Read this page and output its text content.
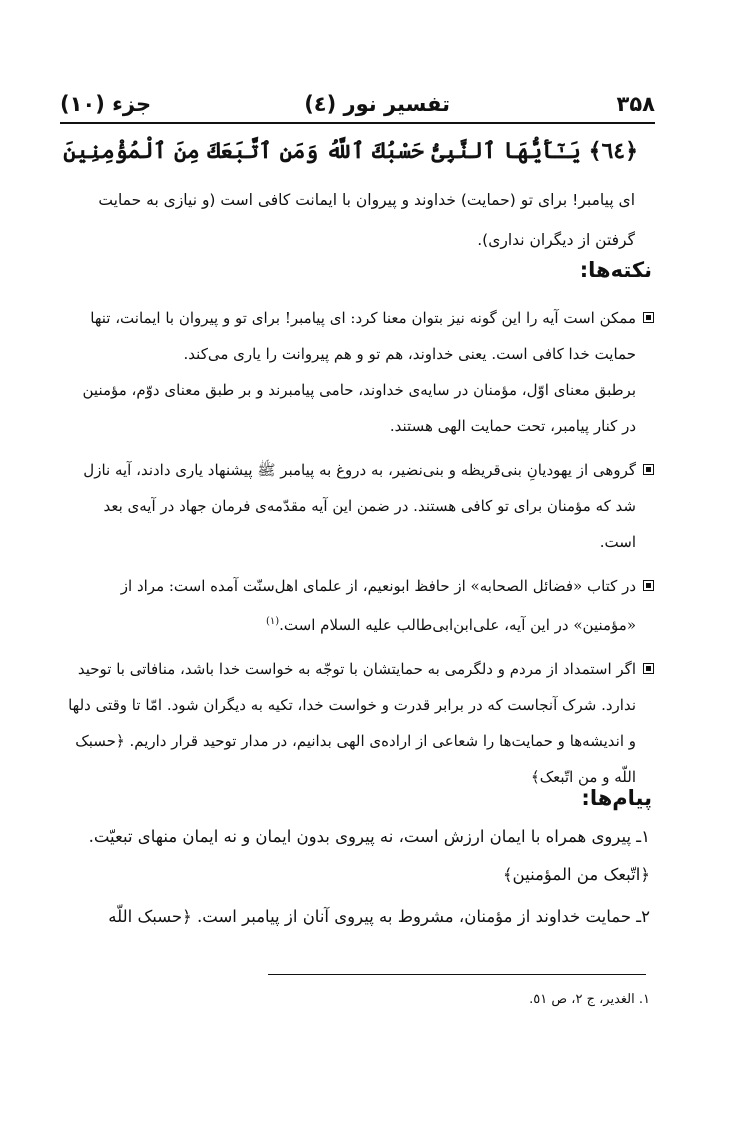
۳۵۸
تفسیر نور (٤)
جزء (١٠)
﴿٦٤﴾ يَـٰٓأَيُّهَا ٱلنَّبِىُّ حَسْبُكَ ٱللَّهُ وَمَنِ ٱتَّبَعَكَ مِنَ ٱلْمُؤْمِنِينَ
ای پیامبر! برای تو (حمایت) خداوند و پیروان با ایمانت کافی است (و نیازی به حمایت گرفتن از دیگران نداری).
نکته‌ها:
ممکن است آیه را این گونه نیز بتوان معنا کرد: ای پیامبر! برای تو و پیروان با ایمانت، تنها حمایت خدا کافی است. یعنی خداوند، هم تو و هم پیروانت را یاری می‌کند.
برطبق معنای اوّل، مؤمنان در سایه‌ی خداوند، حامی پیامبرند و بر طبق معنای دوّم، مؤمنین در کنار پیامبر، تحت حمایت الهی هستند.
گروهی از یهودیانِ بنی‌قریظه و بنی‌نضیر، به دروغ به پیامبر ﷺ پیشنهاد یاری دادند، آیه نازل شد که مؤمنان برای تو کافی هستند. در ضمن این آیه مقدّمه‌ی فرمان جهاد در آیه‌ی بعد است.
در کتاب «فضائل الصحابه» از حافظ ابونعیم، از علمای اهل‌سنّت آمده است: مراد از «مؤمنین» در این آیه، علی‌ابن‌ابی‌طالب علیه السلام است.$^{(١)}$
اگر استمداد از مردم و دلگرمی به حمایتشان با توجّه به خواست خدا باشد، منافاتی با توحید ندارد. شرک آنجاست که در برابر قدرت و خواست خدا، تکیه به دیگران شود. امّا تا وقتی دلها و اندیشه‌ها و حمایت‌ها را شعاعی از اراده‌ی الهی بدانیم، در مدار توحید قرار داریم. ﴿حسبک اللّه و من اتّبعک﴾
پیام‌ها:

١ـ پیروی همراه با ایمان ارزش است، نه پیروی بدون ایمان و نه ایمان منهای تبعیّت. ﴿اتّبعک من المؤمنین﴾

٢ـ حمایت خداوند از مؤمنان، مشروط به پیروی آنان از پیامبر است. ﴿حسبک اللّه

١. الغدیر، ج ٢، ص ٥١.
